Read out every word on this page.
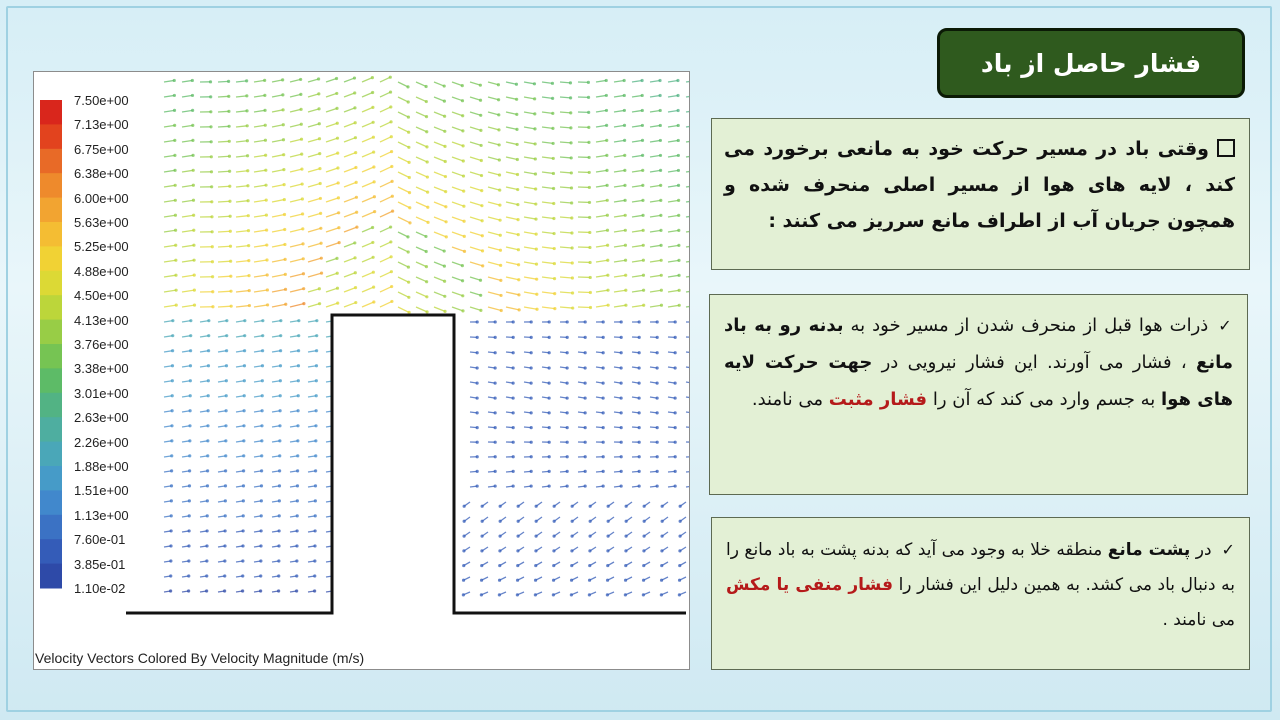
فشار حاصل از باد
وقتی باد در مسیر حرکت خود به مانعی برخورد می کند ، لایه های هوا از مسیر اصلی منحرف شده و همچون جریان آب از اطراف مانع سرریز می کنند :
✓ذرات هوا قبل از منحرف شدن از مسیر خود به بدنه رو به باد مانع ، فشار می آورند. این فشار نیرویی در جهت حرکت لایه های هوا به جسم وارد می کند که آن را فشار مثبت می نامند.
✓در پشت مانع منطقه خلا به وجود می آید که بدنه پشت به باد مانع را به دنبال باد می کشد. به همین دلیل این فشار را فشار منفی یا مکش می نامند .
7.50e+00
7.13e+00
6.75e+00
6.38e+00
6.00e+00
5.63e+00
5.25e+00
4.88e+00
4.50e+00
4.13e+00
3.76e+00
3.38e+00
3.01e+00
2.63e+00
2.26e+00
1.88e+00
1.51e+00
1.13e+00
7.60e-01
3.85e-01
1.10e-02
Velocity Vectors Colored By Velocity Magnitude (m/s)
